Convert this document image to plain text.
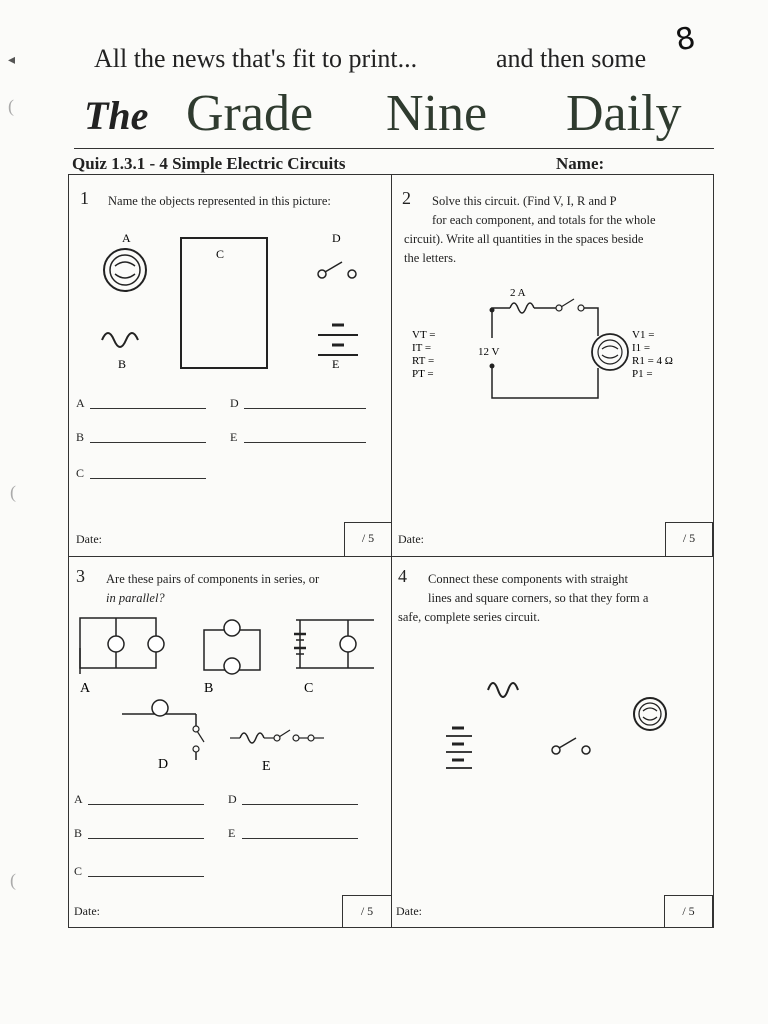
◂
(
(
(
8
All the news that's fit to print...	and then some
The Grade Nine Daily
Quiz 1.3.1 - 4 Simple Electric Circuits	Name:
1 Name the objects represented in this picture:
A
C
D
B	E
A	D
B	E
C
Date:	/ 5
2 Solve this circuit. (Find V, I, R and P
for each component, and totals for the whole
circuit). Write all quantities in the spaces beside
the letters.
2 A
12 V
VT =
IT =
RT =
PT =
V1 =
I1 =
R1 = 4 Ω
P1 =
Date:	/ 5
3 Are these pairs of components in series, or
in parallel?
A	B	C
D	E
A	D
B	E
C
Date:	/ 5
4 Connect these components with straight
lines and square corners, so that they form a
safe, complete series circuit.
Date:	/ 5
